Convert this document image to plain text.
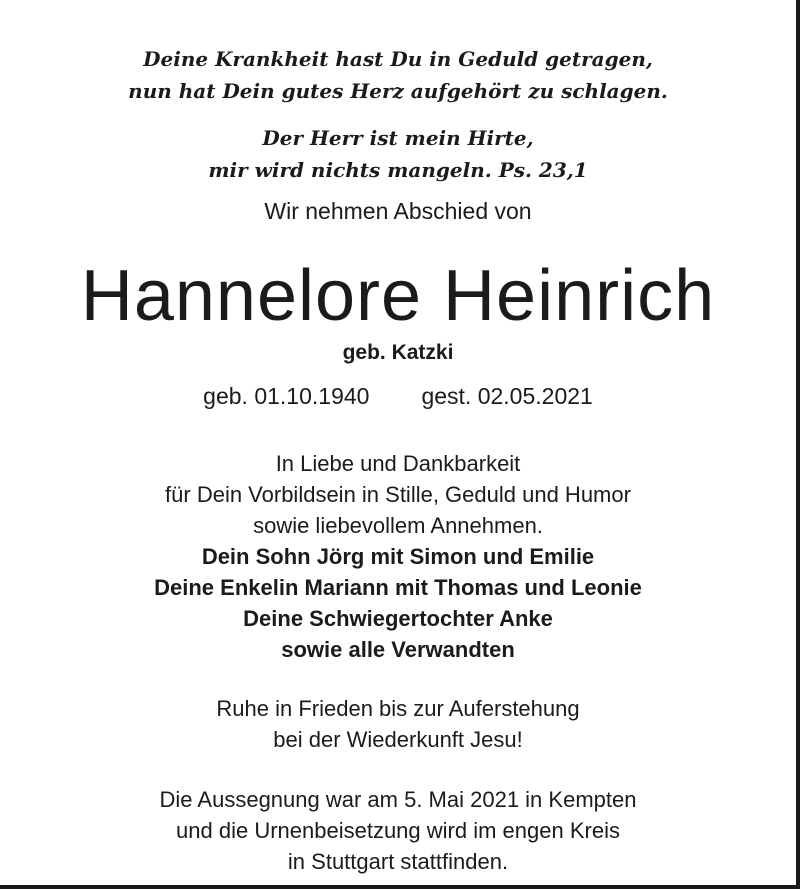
Deine Krankheit hast Du in Geduld getragen,
nun hat Dein gutes Herz aufgehört zu schlagen.
Der Herr ist mein Hirte,
mir wird nichts mangeln. Ps. 23,1
Wir nehmen Abschied von
Hannelore Heinrich
geb. Katzki
geb. 01.10.1940 gest. 02.05.2021
In Liebe und Dankbarkeit
für Dein Vorbildsein in Stille, Geduld und Humor
sowie liebevollem Annehmen.
Dein Sohn Jörg mit Simon und Emilie
Deine Enkelin Mariann mit Thomas und Leonie
Deine Schwiegertochter Anke
sowie alle Verwandten
Ruhe in Frieden bis zur Auferstehung
bei der Wiederkunft Jesu!
Die Aussegnung war am 5. Mai 2021 in Kempten
und die Urnenbeisetzung wird im engen Kreis
in Stuttgart stattfinden.
